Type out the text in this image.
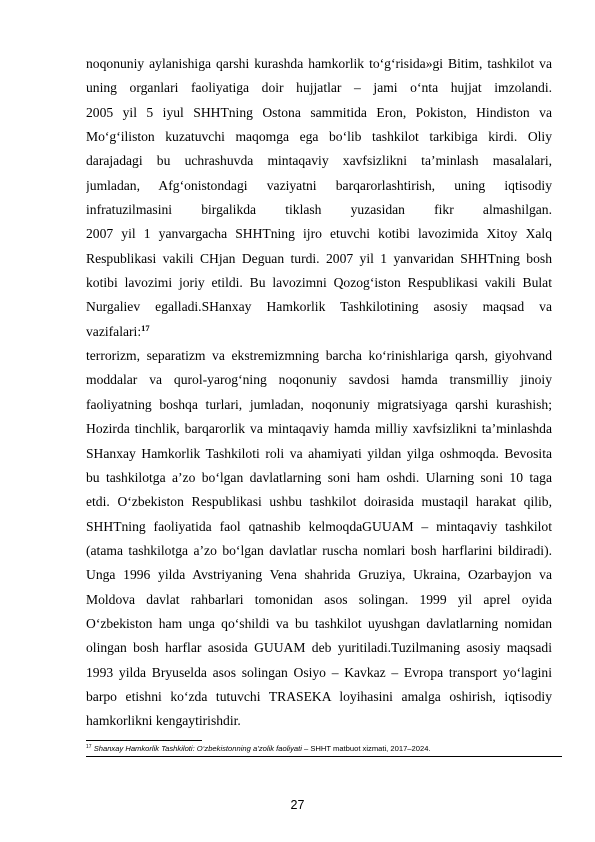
noqonuniy aylanishiga qarshi kurashda hamkorlik to‘g‘risida»gi Bitim, tashkilot va
uning organlari faoliyatiga doir hujjatlar – jami o‘nta hujjat imzolandi.
2005 yil 5 iyul SHHTning Ostona sammitida Eron, Pokiston, Hindiston va
Mo‘g‘iliston kuzatuvchi maqomga ega bo‘lib tashkilot tarkibiga kirdi. Oliy
darajadagi bu uchrashuvda mintaqaviy xavfsizlikni ta’minlash masalalari,
jumladan, Afg‘onistondagi vaziyatni barqarorlashtirish, uning iqtisodiy
infratuzilmasini birgalikda tiklash yuzasidan fikr almashilgan.
2007 yil 1 yanvargacha SHHTning ijro etuvchi kotibi lavozimida Xitoy Xalq
Respublikasi vakili CHjan Deguan turdi. 2007 yil 1 yanvaridan SHHTning bosh
kotibi lavozimi joriy etildi. Bu lavozimni Qozog‘iston Respublikasi vakili Bulat
Nurgaliev egalladi.SHanxay Hamkorlik Tashkilotining asosiy maqsad va
vazifalari:$^{17}$
terrorizm, separatizm va ekstremizmning barcha ko‘rinishlariga qarsh, giyohvand
moddalar va qurol-yarog‘ning noqonuniy savdosi hamda transmilliy jinoiy
faoliyatning boshqa turlari, jumladan, noqonuniy migratsiyaga qarshi kurashish;
Hozirda tinchlik, barqarorlik va mintaqaviy hamda milliy xavfsizlikni ta’minlashda
SHanxay Hamkorlik Tashkiloti roli va ahamiyati yildan yilga oshmoqda. Bevosita
bu tashkilotga a’zo bo‘lgan davlatlarning soni ham oshdi. Ularning soni 10 taga
etdi. O‘zbekiston Respublikasi ushbu tashkilot doirasida mustaqil harakat qilib,
SHHTning faoliyatida faol qatnashib kelmoqdaGUUAM – mintaqaviy tashkilot
(atama tashkilotga a’zo bo‘lgan davlatlar ruscha nomlari bosh harflarini bildiradi).
Unga 1996 yilda Avstriyaning Vena shahrida Gruziya, Ukraina, Ozarbayjon va
Moldova davlat rahbarlari tomonidan asos solingan. 1999 yil aprel oyida
O‘zbekiston ham unga qo‘shildi va bu tashkilot uyushgan davlatlarning nomidan
olingan bosh harflar asosida GUUAM deb yuritiladi.Tuzilmaning asosiy maqsadi
1993 yilda Bryuselda asos solingan Osiyo – Kavkaz – Evropa transport yo‘lagini
barpo etishni ko‘zda tutuvchi TRASEKA loyihasini amalga oshirish, iqtisodiy
hamkorlikni kengaytirishdir.
$^{17}$ Shanxay Hamkorlik Tashkiloti: O‘zbekistonning a’zolik faoliyati – SHHT matbuot xizmati, 2017–2024.
27
